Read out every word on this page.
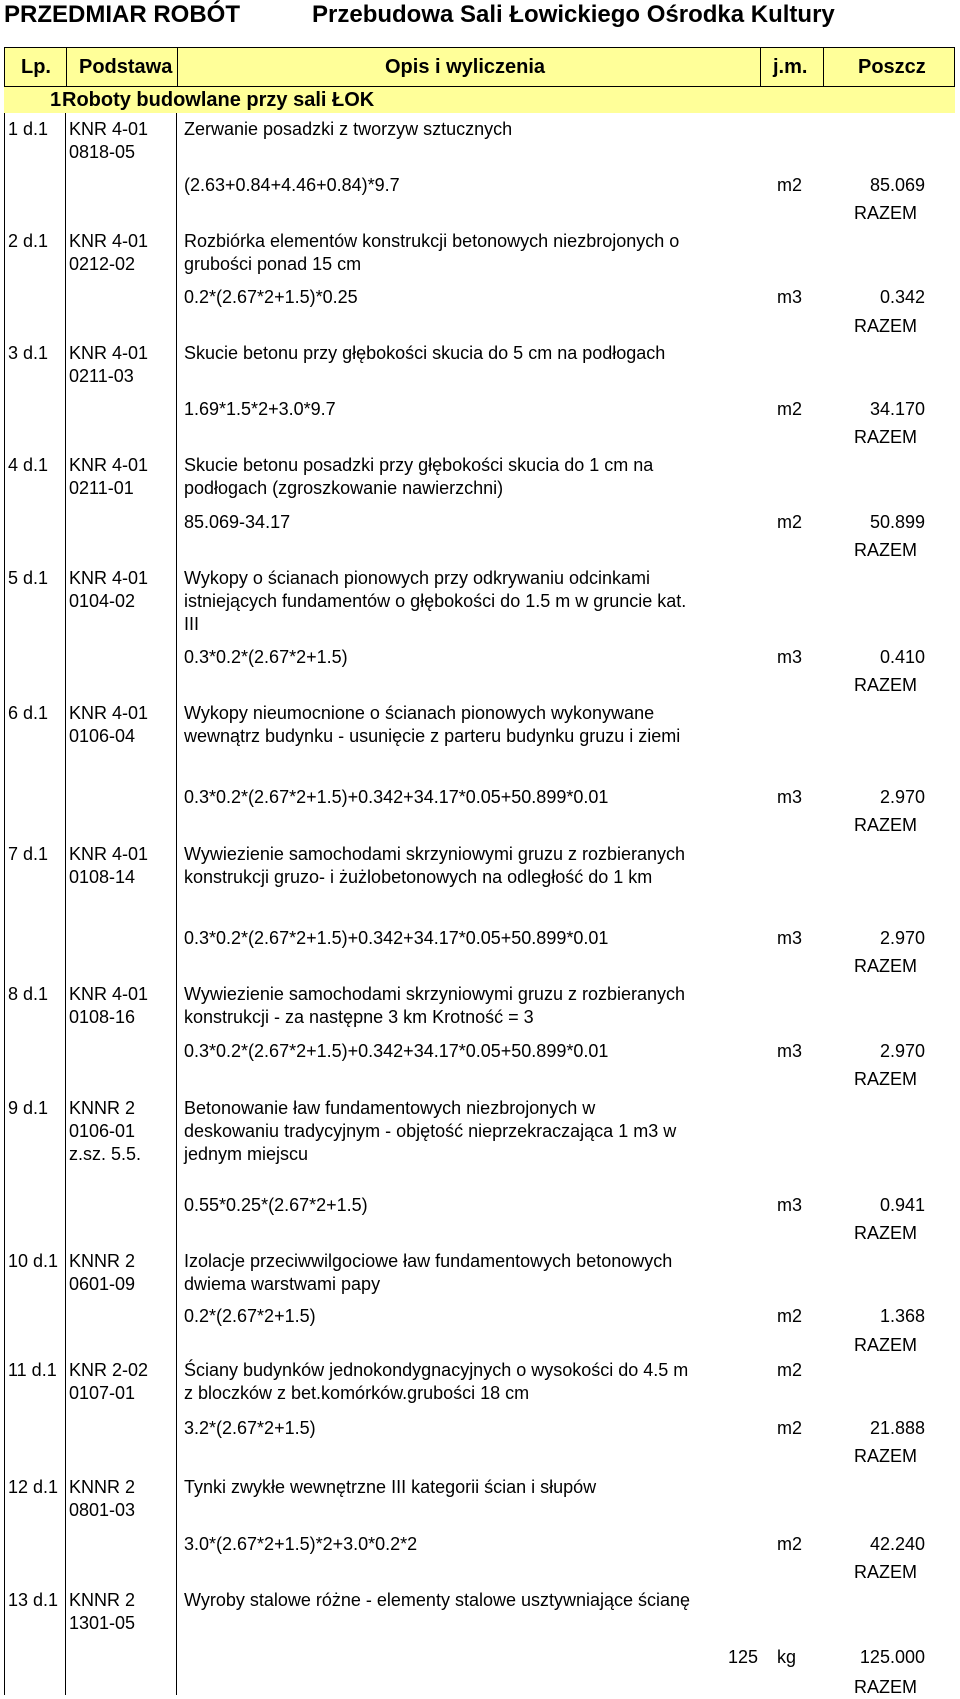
PRZEDMIAR ROBÓT	Przebudowa Sali Łowickiego Ośrodka Kultury
Lp. Podstawa	Opis i wyliczenia	j.m.	Poszcz
1 Roboty budowlane przy sali ŁOK
1 d.1 KNR 4-01
0818-05
Zerwanie posadzki z tworzyw sztucznych
(2.63+0.84+4.46+0.84)*9.7	m2	85.069
RAZEM
2 d.1 KNR 4-01
0212-02
Rozbiórka elementów konstrukcji betonowych niezbrojonych o
grubości ponad 15 cm
0.2*(2.67*2+1.5)*0.25	m3	0.342
RAZEM
3 d.1 KNR 4-01
0211-03
Skucie betonu przy głębokości skucia do 5 cm na podłogach
1.69*1.5*2+3.0*9.7	m2	34.170
RAZEM
4 d.1 KNR 4-01
0211-01
Skucie betonu posadzki przy głębokości skucia do 1 cm na
podłogach (zgroszkowanie nawierzchni)
85.069-34.17	m2	50.899
RAZEM
5 d.1 KNR 4-01
0104-02
Wykopy o ścianach pionowych przy odkrywaniu odcinkami
istniejących fundamentów o głębokości do 1.5 m w gruncie kat.
III
0.3*0.2*(2.67*2+1.5)	m3	0.410
RAZEM
6 d.1 KNR 4-01
0106-04
Wykopy nieumocnione o ścianach pionowych wykonywane
wewnątrz budynku - usunięcie z parteru budynku gruzu i ziemi
0.3*0.2*(2.67*2+1.5)+0.342+34.17*0.05+50.899*0.01	m3	2.970
RAZEM
7 d.1 KNR 4-01
0108-14
Wywiezienie samochodami skrzyniowymi gruzu z rozbieranych
konstrukcji gruzo- i żużlobetonowych na odległość do 1 km
0.3*0.2*(2.67*2+1.5)+0.342+34.17*0.05+50.899*0.01	m3	2.970
RAZEM
8 d.1 KNR 4-01
0108-16
Wywiezienie samochodami skrzyniowymi gruzu z rozbieranych
konstrukcji - za następne 3 km Krotność = 3
0.3*0.2*(2.67*2+1.5)+0.342+34.17*0.05+50.899*0.01	m3	2.970
RAZEM
9 d.1 KNNR 2
0106-01
z.sz. 5.5.
Betonowanie ław fundamentowych niezbrojonych w
deskowaniu tradycyjnym - objętość nieprzekraczająca 1 m3 w
jednym miejscu
0.55*0.25*(2.67*2+1.5)	m3	0.941
RAZEM
10 d.1 KNNR 2
0601-09
Izolacje przeciwwilgociowe ław fundamentowych betonowych
dwiema warstwami papy
0.2*(2.67*2+1.5)	m2	1.368
RAZEM
11 d.1 KNR 2-02
0107-01
Ściany budynków jednokondygnacyjnych o wysokości do 4.5 m
z bloczków z bet.komórków.grubości 18 cm
m2
3.2*(2.67*2+1.5)	m2	21.888
RAZEM
12 d.1 KNNR 2
0801-03
Tynki zwykłe wewnętrzne III kategorii ścian i słupów
3.0*(2.67*2+1.5)*2+3.0*0.2*2	m2	42.240
RAZEM
13 d.1 KNNR 2
1301-05
Wyroby stalowe różne - elementy stalowe usztywniające ścianę
125 kg	125.000
RAZEM
